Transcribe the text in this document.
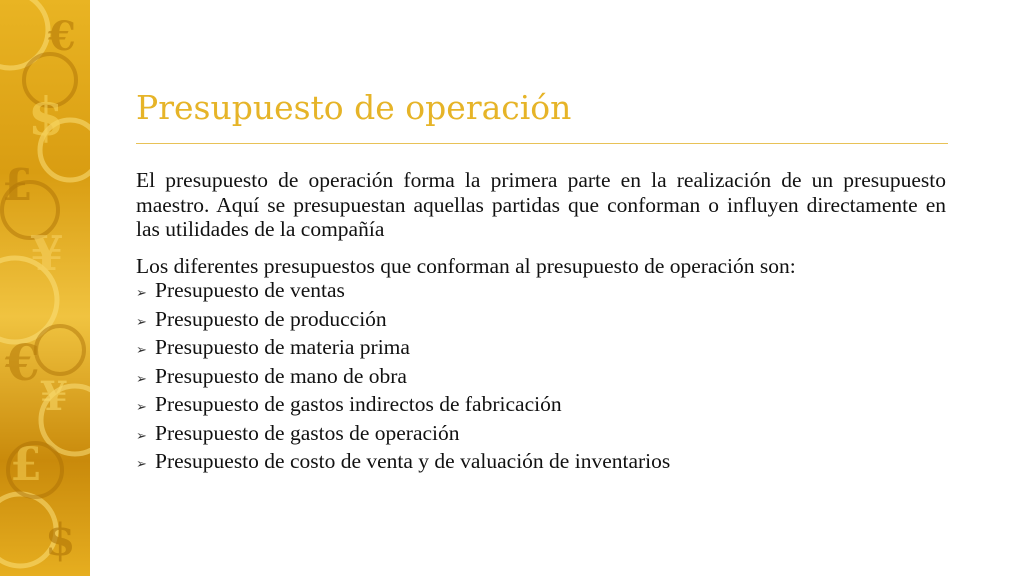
$
£
¥
€
¥
£
$
€
Presupuesto de operación

El presupuesto de operación forma la primera parte en la realización de un presupuesto maestro. Aquí se presupuestan aquellas partidas que conforman o influyen directamente en las utilidades de la compañía

Los diferentes presupuestos que conforman al presupuesto de operación son:

➢ Presupuesto de ventas
➢ Presupuesto de producción
➢ Presupuesto de materia prima
➢ Presupuesto de mano de obra
➢ Presupuesto de gastos indirectos de fabricación
➢ Presupuesto de gastos de operación
➢ Presupuesto de costo de venta y de valuación de inventarios
